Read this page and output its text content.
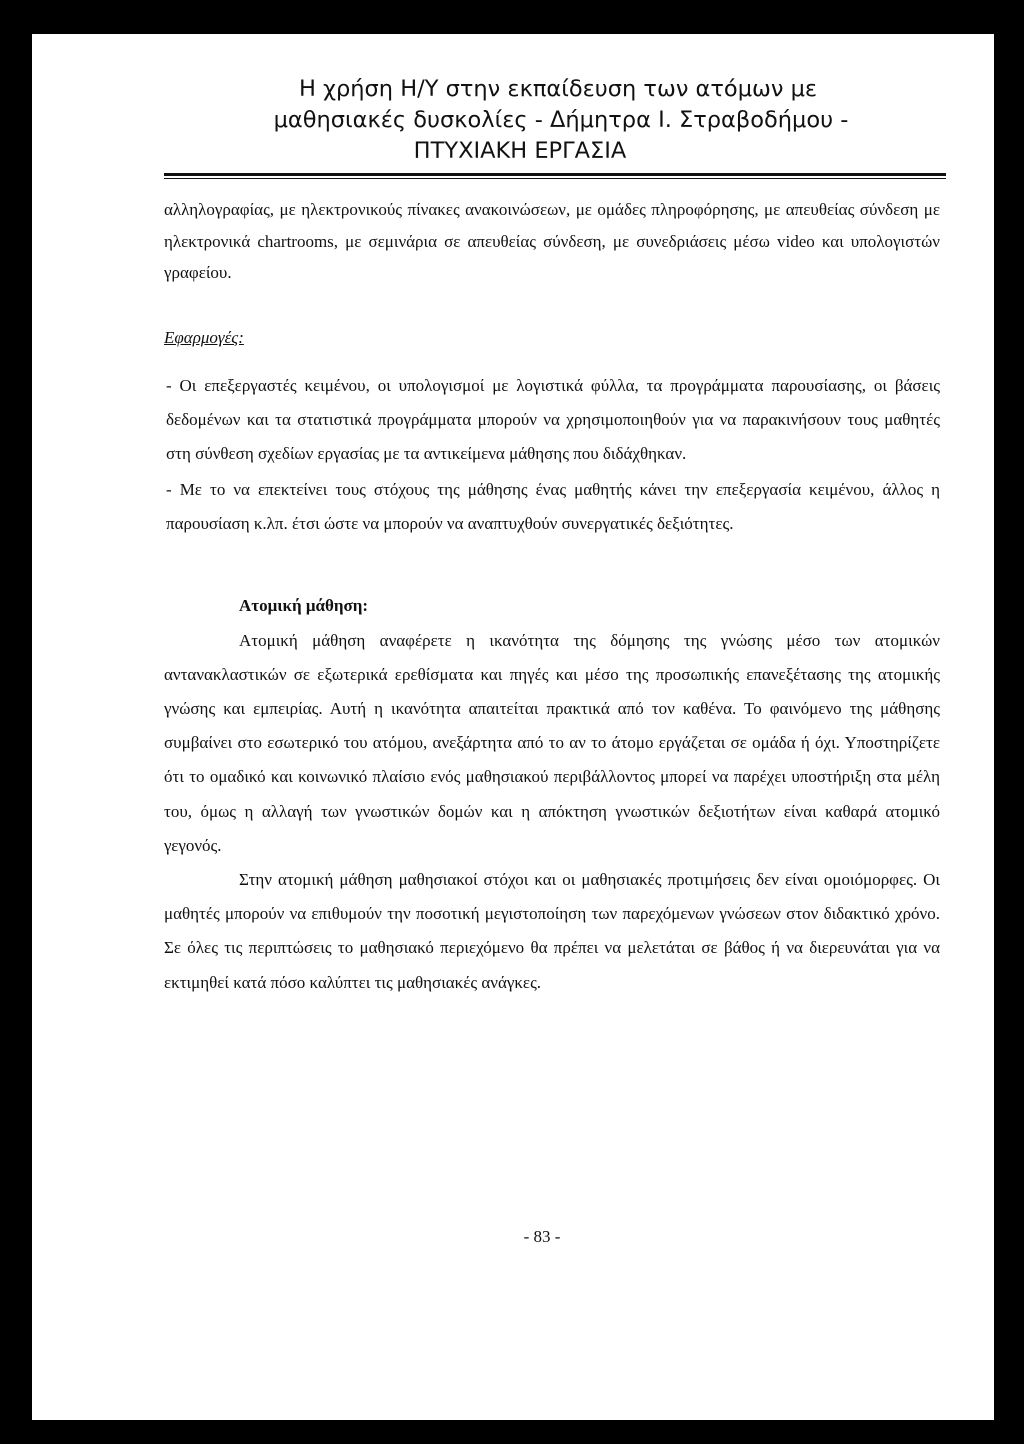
Η χρήση Η/Υ στην εκπαίδευση των ατόμων με
μαθησιακές δυσκολίες - Δήμητρα Ι. Στραβοδήμου -
ΠΤΥΧΙΑΚΗ ΕΡΓΑΣΙΑ

αλληλογραφίας, με ηλεκτρονικούς πίνακες ανακοινώσεων, με ομάδες πληροφόρησης, με απευθείας σύνδεση με ηλεκτρονικά chartrooms, με σεμινάρια σε απευθείας σύνδεση, με συνεδριάσεις μέσω video και υπολογιστών γραφείου.

Εφαρμογές:

- Οι επεξεργαστές κειμένου, οι υπολογισμοί με λογιστικά φύλλα, τα προγράμματα παρουσίασης, οι βάσεις δεδομένων και τα στατιστικά προγράμματα μπορούν να χρησιμοποιηθούν για να παρακινήσουν τους μαθητές στη σύνθεση σχεδίων εργασίας με τα αντικείμενα μάθησης που διδάχθηκαν.

- Με το να επεκτείνει τους στόχους της μάθησης ένας μαθητής κάνει την επεξεργασία κειμένου, άλλος η παρουσίαση κ.λπ. έτσι ώστε να μπορούν να αναπτυχθούν συνεργατικές δεξιότητες.

Ατομική μάθηση:

Ατομική μάθηση αναφέρετε η ικανότητα της δόμησης της γνώσης μέσο των ατομικών αντανακλαστικών σε εξωτερικά ερεθίσματα και πηγές και μέσο της προσωπικής επανεξέτασης της ατομικής γνώσης και εμπειρίας. Αυτή η ικανότητα απαιτείται πρακτικά από τον καθένα. Το φαινόμενο της μάθησης συμβαίνει στο εσωτερικό του ατόμου, ανεξάρτητα από το αν το άτομο εργάζεται σε ομάδα ή όχι. Υποστηρίζετε ότι το ομαδικό και κοινωνικό πλαίσιο ενός μαθησιακού περιβάλλοντος μπορεί να παρέχει υποστήριξη στα μέλη του, όμως η αλλαγή των γνωστικών δομών και η απόκτηση γνωστικών δεξιοτήτων είναι καθαρά ατομικό γεγονός.

Στην ατομική μάθηση μαθησιακοί στόχοι και οι μαθησιακές προτιμήσεις δεν είναι ομοιόμορφες. Οι μαθητές μπορούν να επιθυμούν την ποσοτική μεγιστοποίηση των παρεχόμενων γνώσεων στον διδακτικό χρόνο. Σε όλες τις περιπτώσεις το μαθησιακό περιεχόμενο θα πρέπει να μελετάται σε βάθος ή να διερευνάται για να εκτιμηθεί κατά πόσο καλύπτει τις μαθησιακές ανάγκες.

- 83 -
